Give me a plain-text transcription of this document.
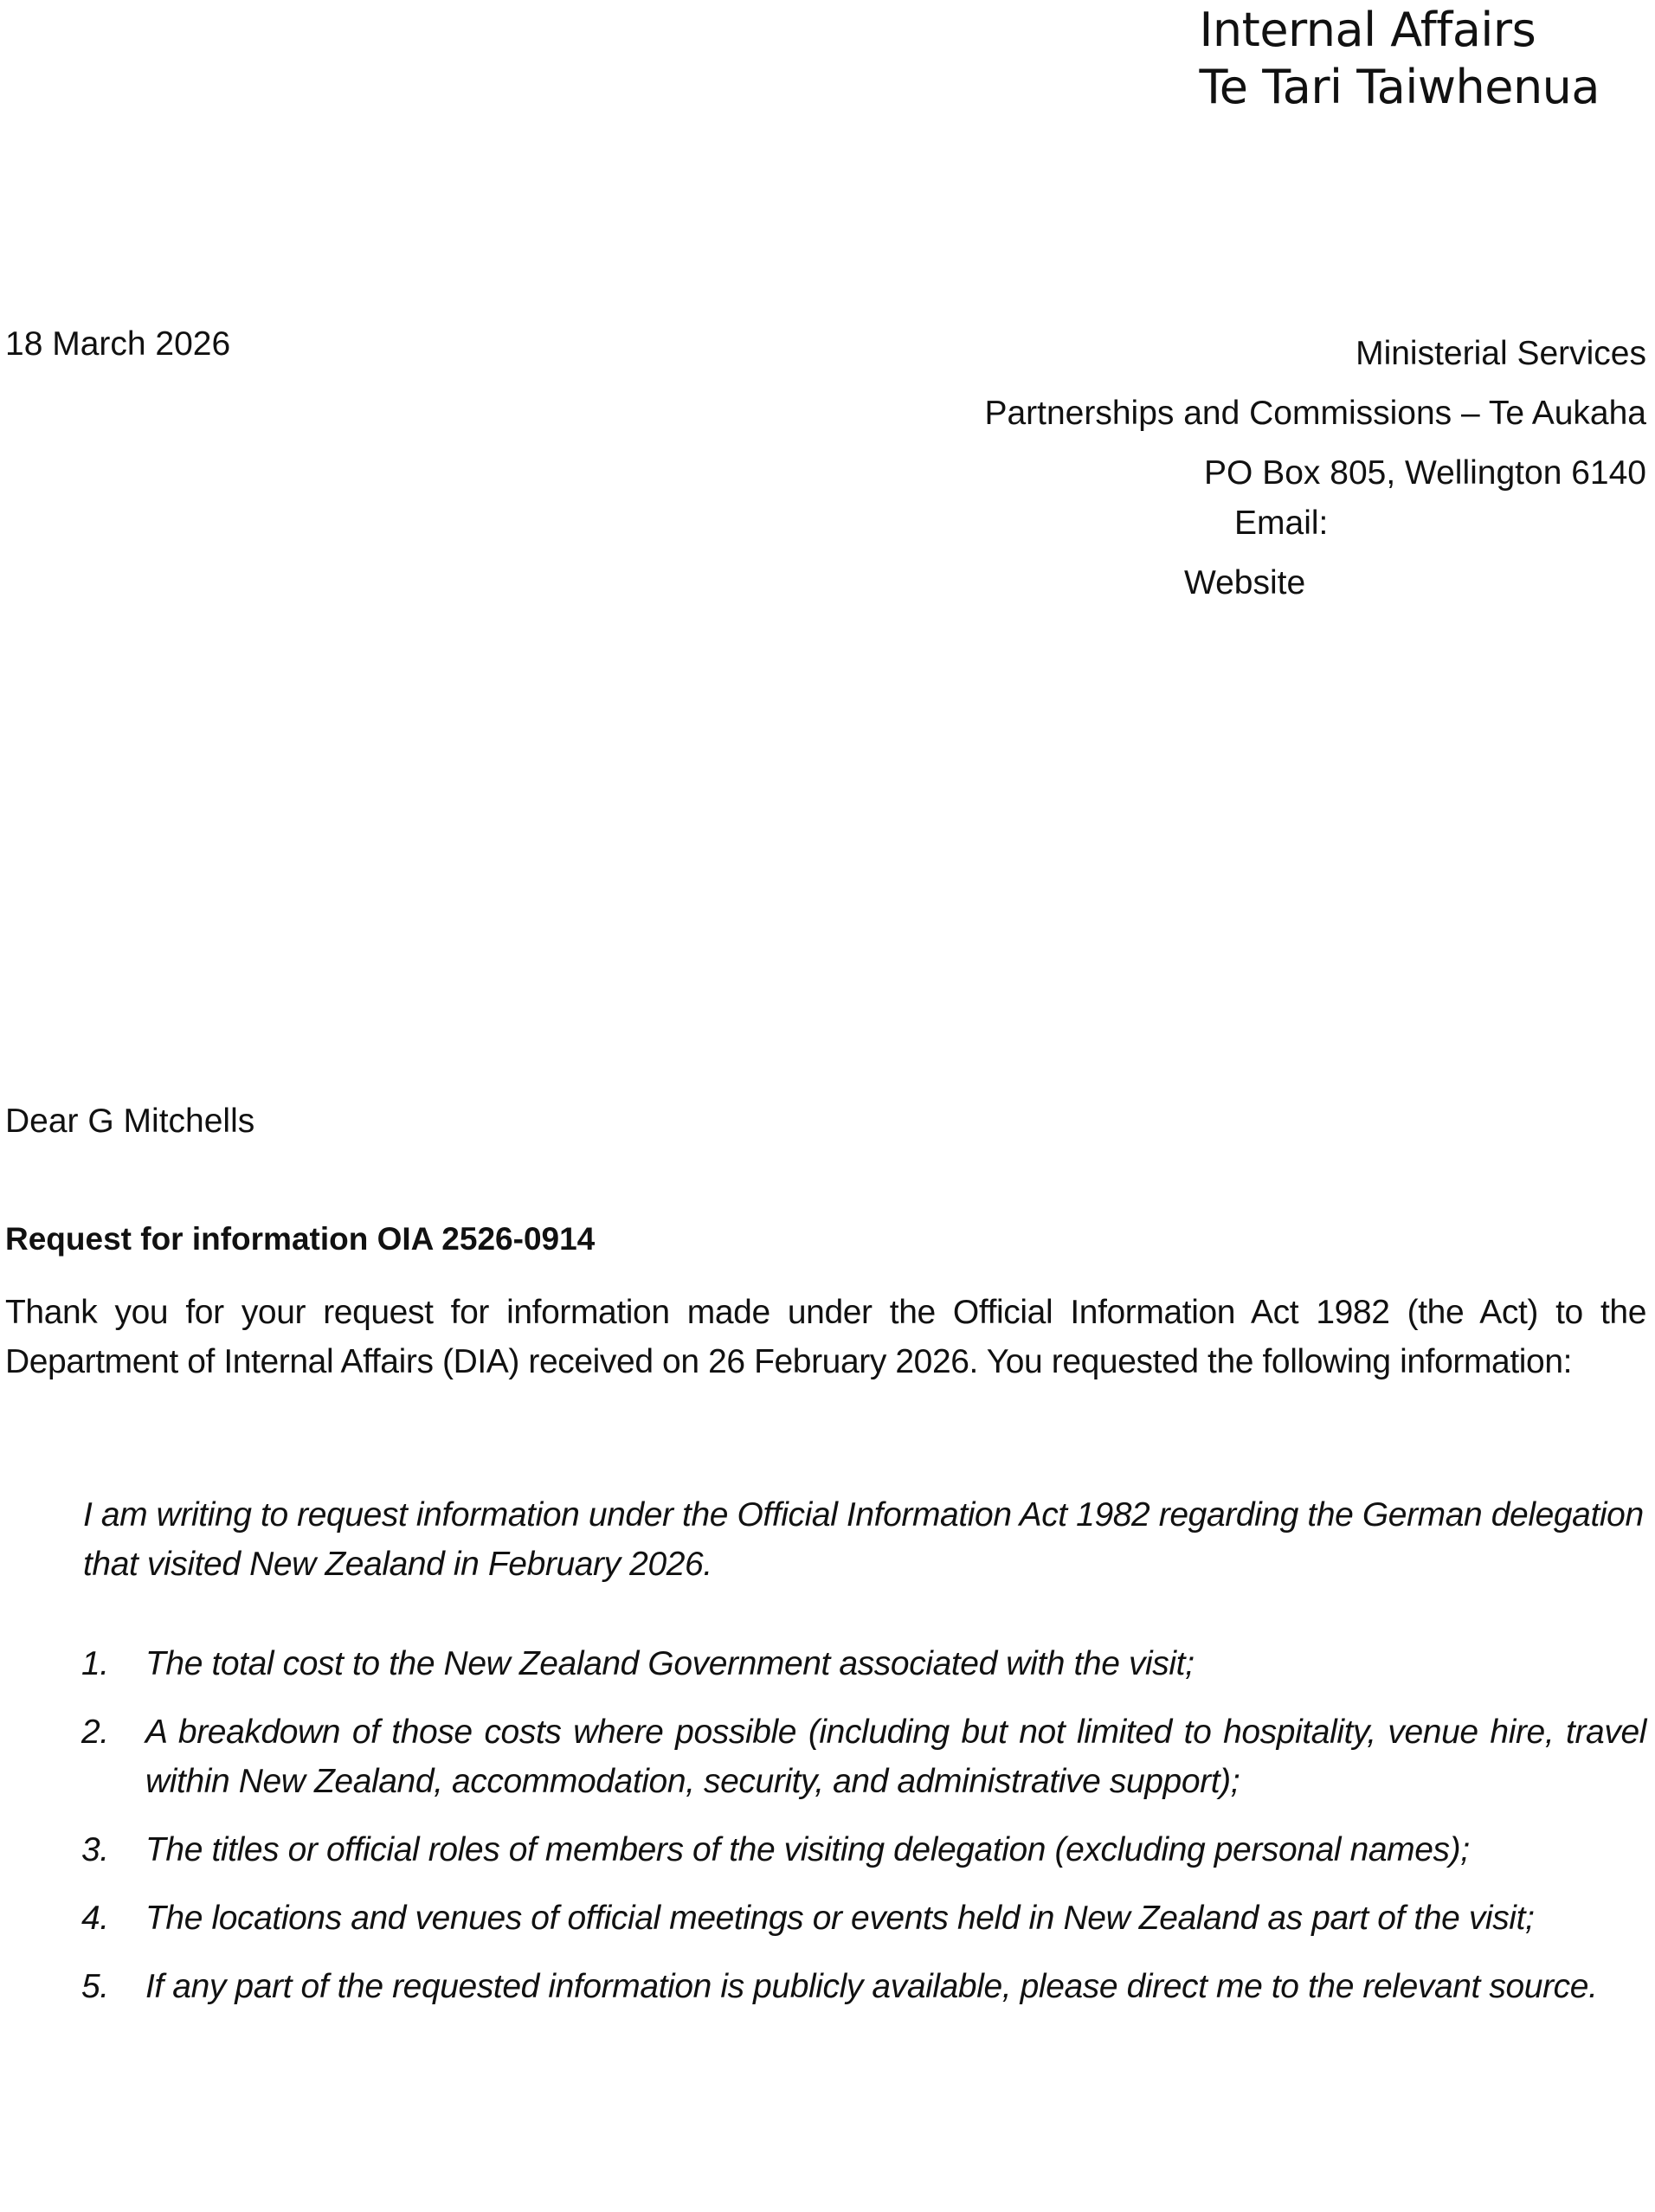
Internal Affairs
Te Tari Taiwhenua
18 March 2026	Ministerial Services
Partnerships and Commissions – Te Aukaha
PO Box 805, Wellington 6140
Email:
Website
Dear G Mitchells
Request for information OIA 2526-0914
Thank you for your request for information made under the Official Information Act 1982 (the Act) to the Department of Internal Affairs (DIA) received on 26 February 2026. You requested the following information:
I am writing to request information under the Official Information Act 1982 regarding the German delegation that visited New Zealand in February 2026.
1. The total cost to the New Zealand Government associated with the visit;
2. A breakdown of those costs where possible (including but not limited to hospitality, venue hire, travel within New Zealand, accommodation, security, and administrative support);
3. The titles or official roles of members of the visiting delegation (excluding personal names);
4. The locations and venues of official meetings or events held in New Zealand as part of the visit;
5. If any part of the requested information is publicly available, please direct me to the relevant source.
